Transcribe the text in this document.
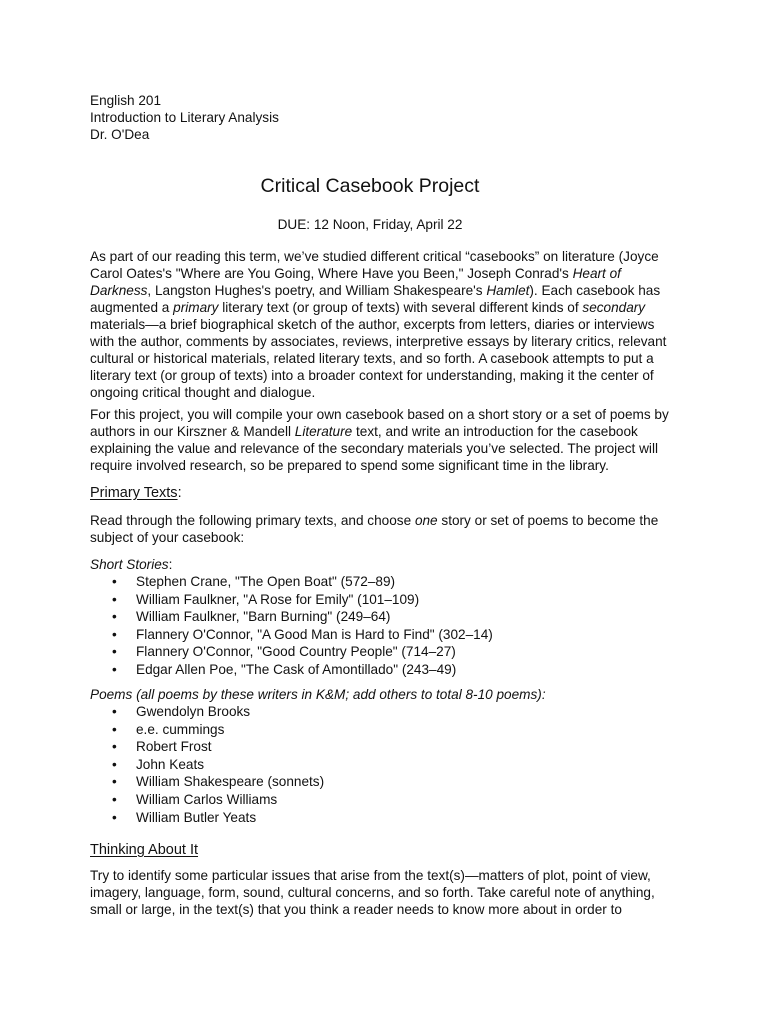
English 201
Introduction to Literary Analysis
Dr. O'Dea
Critical Casebook Project
DUE: 12 Noon, Friday, April 22

As part of our reading this term, we’ve studied different critical “casebooks” on literature (Joyce Carol Oates's "Where are You Going, Where Have you Been," Joseph Conrad's Heart of Darkness, Langston Hughes's poetry, and William Shakespeare's Hamlet). Each casebook has augmented a primary literary text (or group of texts) with several different kinds of secondary materials—a brief biographical sketch of the author, excerpts from letters, diaries or interviews with the author, comments by associates, reviews, interpretive essays by literary critics, relevant cultural or historical materials, related literary texts, and so forth. A casebook attempts to put a literary text (or group of texts) into a broader context for understanding, making it the center of ongoing critical thought and dialogue.

For this project, you will compile your own casebook based on a short story or a set of poems by authors in our Kirszner & Mandell Literature text, and write an introduction for the casebook explaining the value and relevance of the secondary materials you’ve selected. The project will require involved research, so be prepared to spend some significant time in the library.

Primary Texts:

Read through the following primary texts, and choose one story or set of poems to become the subject of your casebook:

Short Stories:
• Stephen Crane, "The Open Boat" (572–89)
• William Faulkner, "A Rose for Emily" (101–109)
• William Faulkner, "Barn Burning" (249–64)
• Flannery O'Connor, "A Good Man is Hard to Find" (302–14)
• Flannery O'Connor, "Good Country People" (714–27)
• Edgar Allen Poe, "The Cask of Amontillado" (243–49)
Poems (all poems by these writers in K&M; add others to total 8-10 poems):
• Gwendolyn Brooks
• e.e. cummings
• Robert Frost
• John Keats
• William Shakespeare (sonnets)
• William Carlos Williams
• William Butler Yeats
Thinking About It

Try to identify some particular issues that arise from the text(s)—matters of plot, point of view, imagery, language, form, sound, cultural concerns, and so forth. Take careful note of anything, small or large, in the text(s) that you think a reader needs to know more about in order to
